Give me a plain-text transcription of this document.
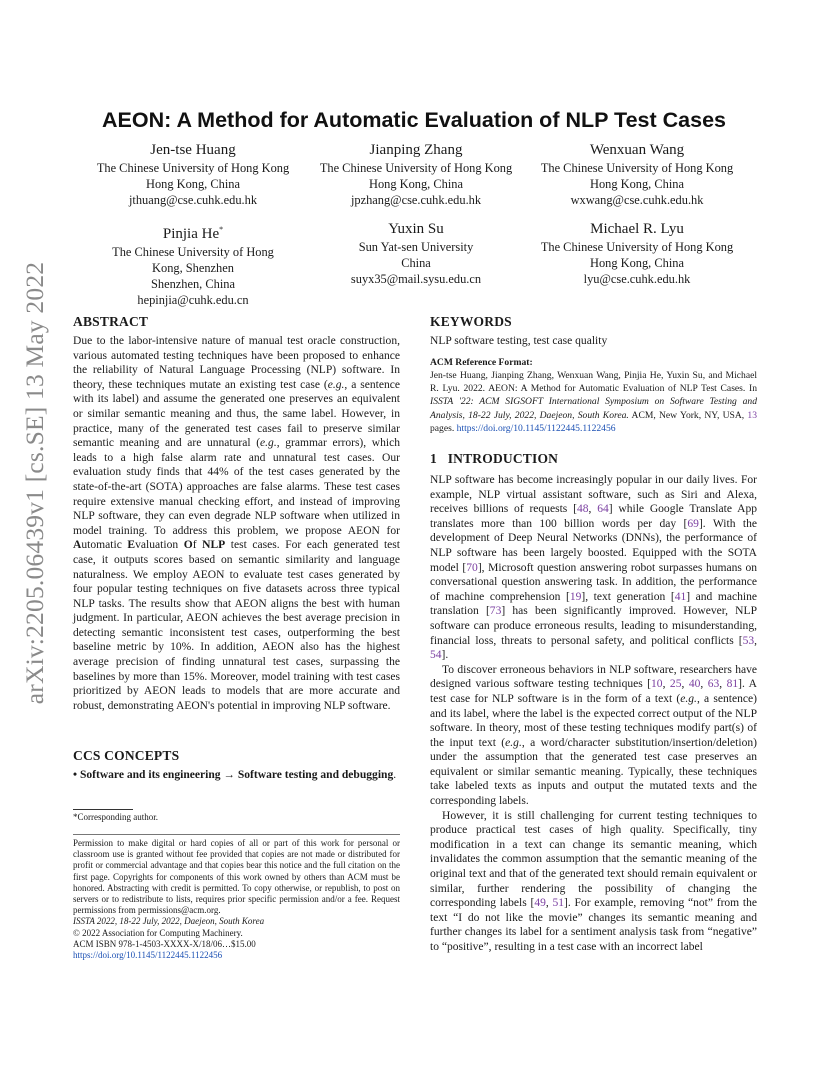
arXiv:2205.06439v1 [cs.SE] 13 May 2022
AEON: A Method for Automatic Evaluation of NLP Test Cases
Jen-tse Huang
The Chinese University of Hong Kong
Hong Kong, China
jthuang@cse.cuhk.edu.hk
Jianping Zhang
The Chinese University of Hong Kong
Hong Kong, China
jpzhang@cse.cuhk.edu.hk
Wenxuan Wang
The Chinese University of Hong Kong
Hong Kong, China
wxwang@cse.cuhk.edu.hk
Pinjia He*
The Chinese University of Hong
Kong, Shenzhen
Shenzhen, China
hepinjia@cuhk.edu.cn
Yuxin Su
Sun Yat-sen University
China
suyx35@mail.sysu.edu.cn
Michael R. Lyu
The Chinese University of Hong Kong
Hong Kong, China
lyu@cse.cuhk.edu.hk
ABSTRACT

Due to the labor-intensive nature of manual test oracle construction, various automated testing techniques have been proposed to enhance the reliability of Natural Language Processing (NLP) software. In theory, these techniques mutate an existing test case (e.g., a sentence with its label) and assume the generated one preserves an equivalent or similar semantic meaning and thus, the same label. However, in practice, many of the generated test cases fail to preserve similar semantic meaning and are unnatural (e.g., grammar errors), which leads to a high false alarm rate and unnatural test cases. Our evaluation study finds that 44% of the test cases generated by the state-of-the-art (SOTA) approaches are false alarms. These test cases require extensive manual checking effort, and instead of improving NLP software, they can even degrade NLP software when utilized in model training. To address this problem, we propose AEON for Automatic Evaluation Of NLP test cases. For each generated test case, it outputs scores based on semantic similarity and language naturalness. We employ AEON to evaluate test cases generated by four popular testing techniques on five datasets across three typical NLP tasks. The results show that AEON aligns the best with human judgment. In particular, AEON achieves the best average precision in detecting semantic inconsistent test cases, outperforming the best baseline metric by 10%. In addition, AEON also has the highest average precision of finding unnatural test cases, surpassing the baselines by more than 15%. Moreover, model training with test cases prioritized by AEON leads to models that are more accurate and robust, demonstrating AEON's potential in improving NLP software.

CCS CONCEPTS
• Software and its engineering → Software testing and debugging.
*Corresponding author.

Permission to make digital or hard copies of all or part of this work for personal or classroom use is granted without fee provided that copies are not made or distributed for profit or commercial advantage and that copies bear this notice and the full citation on the first page. Copyrights for components of this work owned by others than ACM must be honored. Abstracting with credit is permitted. To copy otherwise, or republish, to post on servers or to redistribute to lists, requires prior specific permission and/or a fee. Request permissions from permissions@acm.org.

ISSTA 2022, 18-22 July, 2022, Daejeon, South Korea

© 2022 Association for Computing Machinery.

ACM ISBN 978-1-4503-XXXX-X/18/06…$15.00

https://doi.org/10.1145/1122445.1122456

KEYWORDS
NLP software testing, test case quality
ACM Reference Format:
Jen-tse Huang, Jianping Zhang, Wenxuan Wang, Pinjia He, Yuxin Su, and Michael R. Lyu. 2022. AEON: A Method for Automatic Evaluation of NLP Test Cases. In ISSTA '22: ACM SIGSOFT International Symposium on Software Testing and Analysis, 18-22 July, 2022, Daejeon, South Korea. ACM, New York, NY, USA, 13 pages. https://doi.org/10.1145/1122445.1122456
1 INTRODUCTION

NLP software has become increasingly popular in our daily lives. For example, NLP virtual assistant software, such as Siri and Alexa, receives billions of requests [48, 64] while Google Translate App translates more than 100 billion words per day [69]. With the development of Deep Neural Networks (DNNs), the performance of NLP software has been largely boosted. Equipped with the SOTA model [70], Microsoft question answering robot surpasses humans on conversational question answering task. In addition, the performance of machine comprehension [19], text generation [41] and machine translation [73] has been significantly improved. However, NLP software can produce erroneous results, leading to misunderstanding, financial loss, threats to personal safety, and political conflicts [53, 54].

To discover erroneous behaviors in NLP software, researchers have designed various software testing techniques [10, 25, 40, 63, 81]. A test case for NLP software is in the form of a text (e.g., a sentence) and its label, where the label is the expected correct output of the NLP software. In theory, most of these testing techniques modify part(s) of the input text (e.g., a word/character substitution/insertion/deletion) under the assumption that the generated test case preserves an equivalent or similar semantic meaning. Typically, these techniques take labeled texts as inputs and output the mutated texts and the corresponding labels.

However, it is still challenging for current testing techniques to produce practical test cases of high quality. Specifically, tiny modification in a text can change its semantic meaning, which invalidates the common assumption that the semantic meaning of the original text and that of the generated text should remain equivalent or similar, further rendering the possibility of changing the corresponding labels [49, 51]. For example, removing “not” from the text “I do not like the movie” changes its semantic meaning and further changes its label for a sentiment analysis task from “negative” to “positive”, resulting in a test case with an incorrect label
